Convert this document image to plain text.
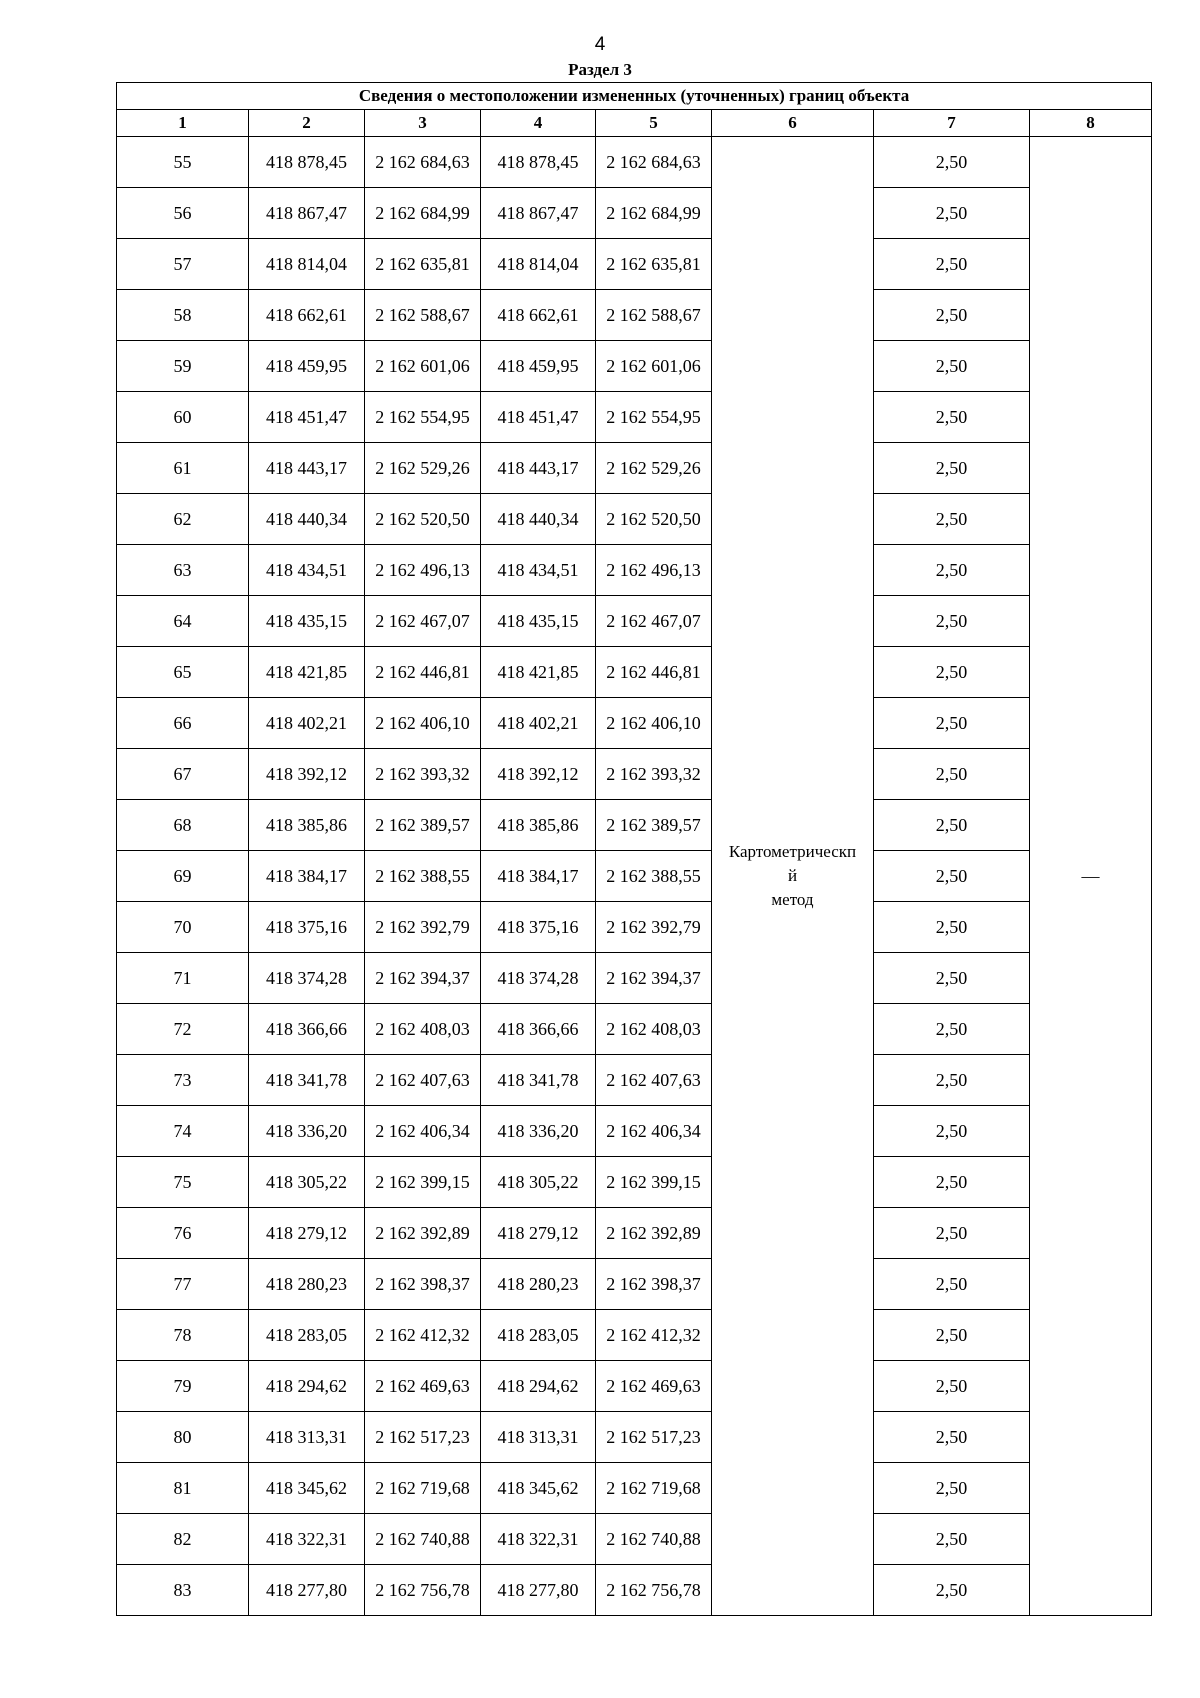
4
Раздел 3
Сведения о местоположении измененных (уточненных) границ объекта							
1	2	3	4	5	6	7	8
55	418 878,45	2 162 684,63	418 878,45	2 162 684,63	Картометрическп
й
метод	2,50	—
56	418 867,47	2 162 684,99	418 867,47	2 162 684,99		2,50	
57	418 814,04	2 162 635,81	418 814,04	2 162 635,81		2,50	
58	418 662,61	2 162 588,67	418 662,61	2 162 588,67		2,50	
59	418 459,95	2 162 601,06	418 459,95	2 162 601,06		2,50	
60	418 451,47	2 162 554,95	418 451,47	2 162 554,95		2,50	
61	418 443,17	2 162 529,26	418 443,17	2 162 529,26		2,50	
62	418 440,34	2 162 520,50	418 440,34	2 162 520,50		2,50	
63	418 434,51	2 162 496,13	418 434,51	2 162 496,13		2,50	
64	418 435,15	2 162 467,07	418 435,15	2 162 467,07		2,50	
65	418 421,85	2 162 446,81	418 421,85	2 162 446,81		2,50	
66	418 402,21	2 162 406,10	418 402,21	2 162 406,10		2,50	
67	418 392,12	2 162 393,32	418 392,12	2 162 393,32		2,50	
68	418 385,86	2 162 389,57	418 385,86	2 162 389,57		2,50	
69	418 384,17	2 162 388,55	418 384,17	2 162 388,55		2,50	
70	418 375,16	2 162 392,79	418 375,16	2 162 392,79		2,50	
71	418 374,28	2 162 394,37	418 374,28	2 162 394,37		2,50	
72	418 366,66	2 162 408,03	418 366,66	2 162 408,03		2,50	
73	418 341,78	2 162 407,63	418 341,78	2 162 407,63		2,50	
74	418 336,20	2 162 406,34	418 336,20	2 162 406,34		2,50	
75	418 305,22	2 162 399,15	418 305,22	2 162 399,15		2,50	
76	418 279,12	2 162 392,89	418 279,12	2 162 392,89		2,50	
77	418 280,23	2 162 398,37	418 280,23	2 162 398,37		2,50	
78	418 283,05	2 162 412,32	418 283,05	2 162 412,32		2,50	
79	418 294,62	2 162 469,63	418 294,62	2 162 469,63		2,50	
80	418 313,31	2 162 517,23	418 313,31	2 162 517,23		2,50	
81	418 345,62	2 162 719,68	418 345,62	2 162 719,68		2,50	
82	418 322,31	2 162 740,88	418 322,31	2 162 740,88		2,50	
83	418 277,80	2 162 756,78	418 277,80	2 162 756,78		2,50	
